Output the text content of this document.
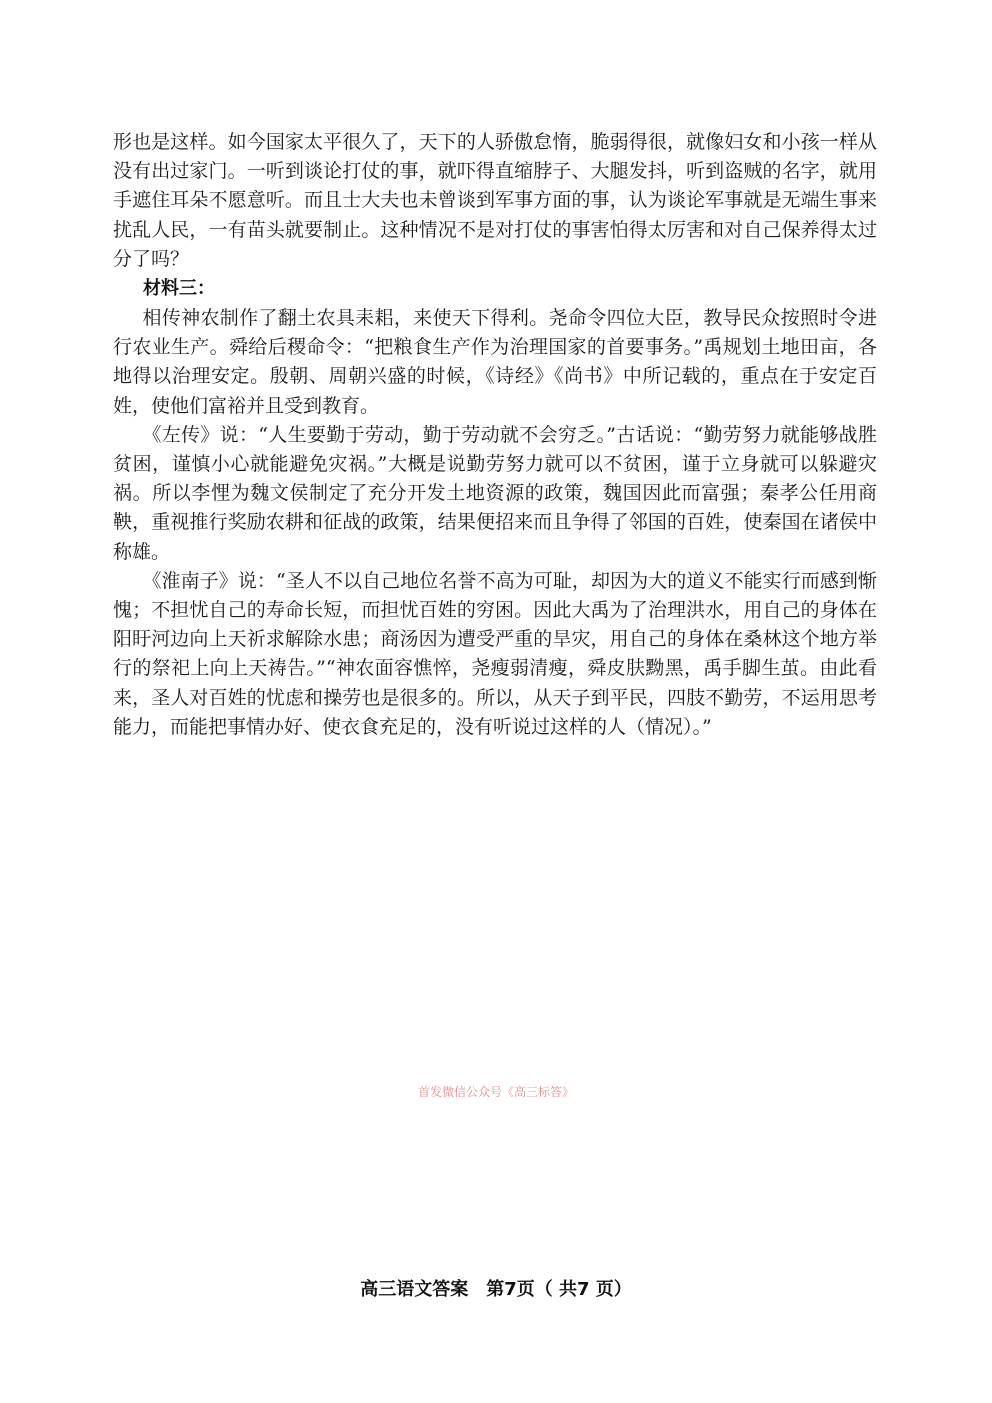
形也是这样。如今国家太平很久了，天下的人骄傲怠惰，脆弱得很，就像妇女和小孩一样从没有出过家门。一听到谈论打仗的事，就吓得直缩脖子、大腿发抖，听到盗贼的名字，就用手遮住耳朵不愿意听。而且士大夫也未曾谈到军事方面的事，认为谈论军事就是无端生事来扰乱人民，一有苗头就要制止。这种情况不是对打仗的事害怕得太厉害和对自己保养得太过分了吗？

材料三：

相传神农制作了翻土农具耒耜，来使天下得利。尧命令四位大臣，教导民众按照时令进行农业生产。舜给后稷命令：“把粮食生产作为治理国家的首要事务。”禹规划土地田亩，各地得以治理安定。殷朝、周朝兴盛的时候，《诗经》《尚书》中所记载的，重点在于安定百姓，使他们富裕并且受到教育。

《左传》说：“人生要勤于劳动，勤于劳动就不会穷乏。”古话说：“勤劳努力就能够战胜贫困，谨慎小心就能避免灾祸。”大概是说勤劳努力就可以不贫困，谨于立身就可以躲避灾祸。所以李悝为魏文侯制定了充分开发土地资源的政策，魏国因此而富强；秦孝公任用商鞅，重视推行奖励农耕和征战的政策，结果便招来而且争得了邻国的百姓，使秦国在诸侯中称雄。

《淮南子》说：“圣人不以自己地位名誉不高为可耻，却因为大的道义不能实行而感到惭愧；不担忧自己的寿命长短，而担忧百姓的穷困。因此大禹为了治理洪水，用自己的身体在阳盱河边向上天祈求解除水患；商汤因为遭受严重的旱灾，用自己的身体在桑林这个地方举行的祭祀上向上天祷告。”“神农面容憔悴，尧瘦弱清瘦，舜皮肤黝黑，禹手脚生茧。由此看来，圣人对百姓的忧虑和操劳也是很多的。所以，从天子到平民，四肢不勤劳，不运用思考能力，而能把事情办好、使衣食充足的，没有听说过这样的人（情况）。”

首发微信公众号《高三标答》
高三语文答案　第7页（ 共7 页）
